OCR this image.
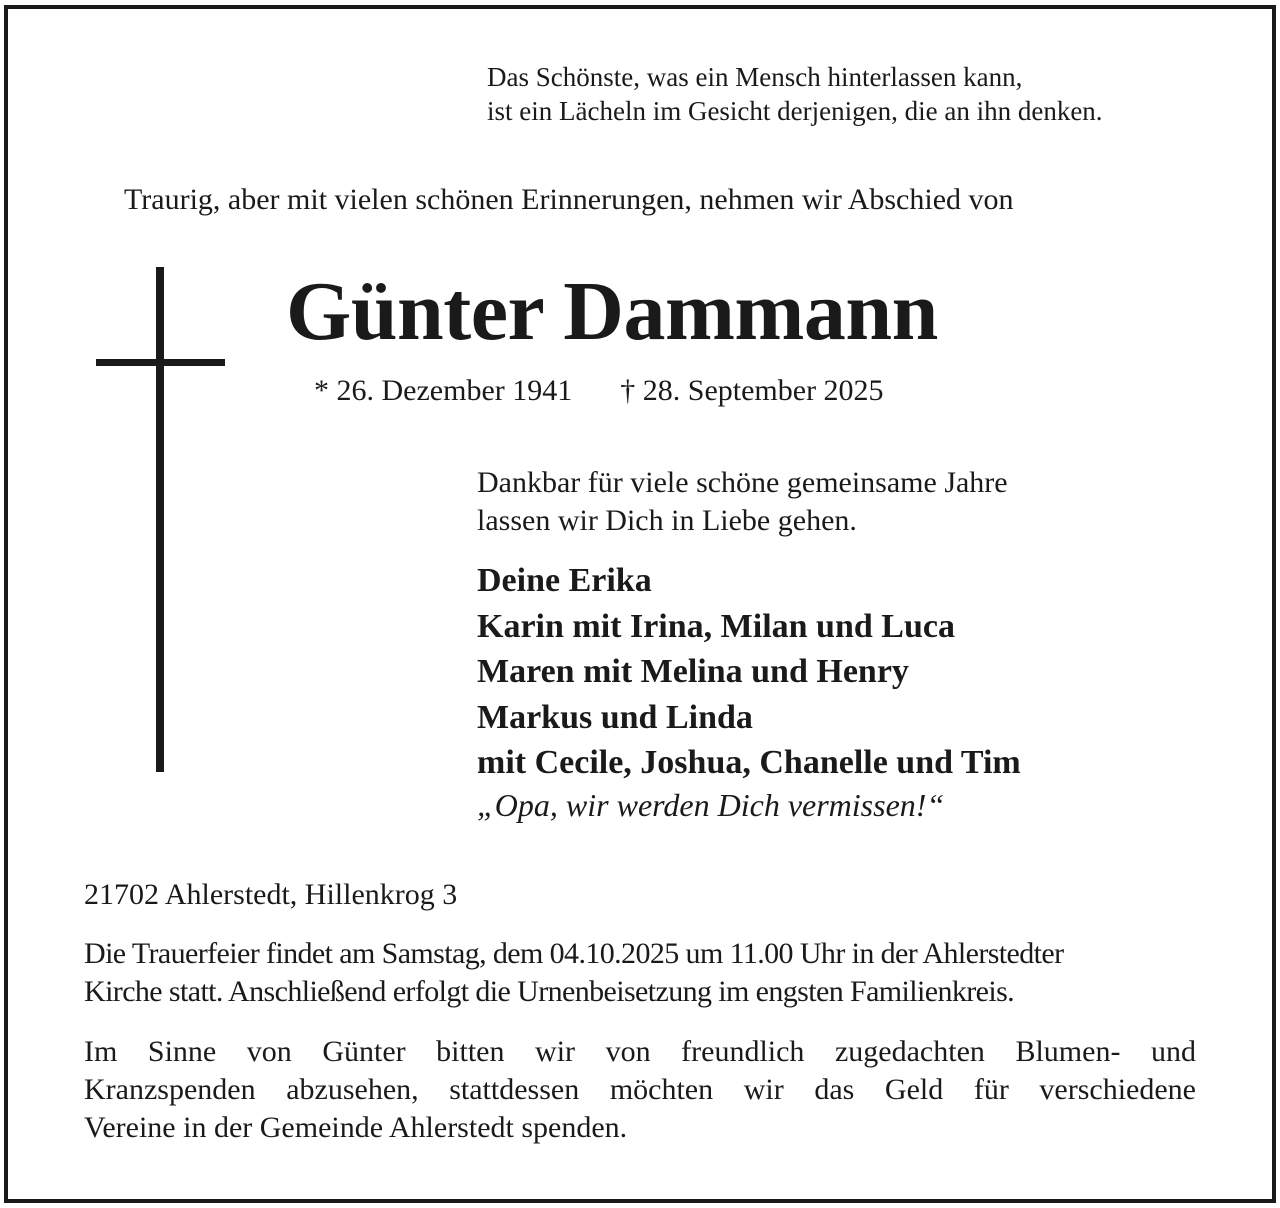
Das Schönste, was ein Mensch hinterlassen kann,
ist ein Lächeln im Gesicht derjenigen, die an ihn denken.
Traurig, aber mit vielen schönen Erinnerungen, nehmen wir Abschied von
Günter Dammann
* 26. Dezember 1941 † 28. September 2025
Dankbar für viele schöne gemeinsame Jahre
lassen wir Dich in Liebe gehen.
Deine Erika
Karin mit Irina, Milan und Luca
Maren mit Melina und Henry
Markus und Linda
mit Cecile, Joshua, Chanelle und Tim
„Opa, wir werden Dich vermissen!“
21702 Ahlerstedt, Hillenkrog 3
Die Trauerfeier findet am Samstag, dem 04.10.2025 um 11.00 Uhr in der Ahlerstedter
Kirche statt. Anschließend erfolgt die Urnenbeisetzung im engsten Familienkreis.
Im Sinne von Günter bitten wir von freundlich zugedachten Blumen- und
Kranzspenden abzusehen, stattdessen möchten wir das Geld für verschiedene
Vereine in der Gemeinde Ahlerstedt spenden.
